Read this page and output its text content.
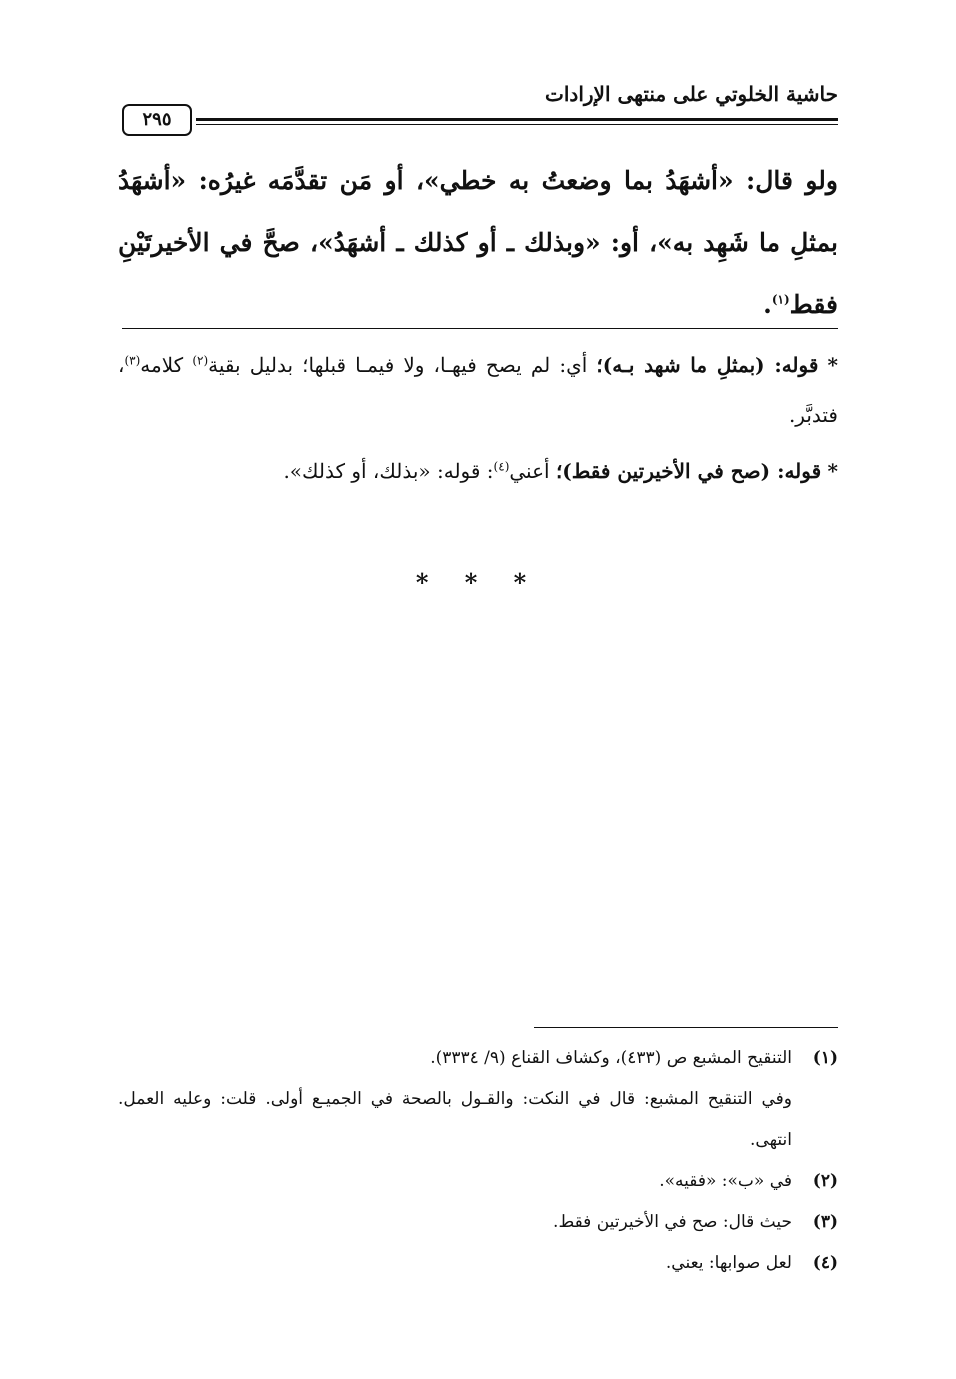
حاشية الخلوتي على منتهى الإرادات
٢٩٥
ولو قال: «أشهَدُ بما وضعتُ به خطي»، أو مَن تقدَّمَه غيرُه: «أشهَدُ بمثلِ ما شَهِد به»، أو: «وبذلك ـ أو كذلك ـ أشهَدُ»، صحَّ في الأخيرتَيْنِ فقط$^{(١)}$.

* قوله: (بمثلِ ما شهد بـه)؛ أي: لم يصح فيهـا، ولا فيمـا قبلها؛ بدليل بقية$^{(٢)}$ كلامه$^{(٣)}$، فتدبَّر.

* قوله: (صح في الأخيرتين فقط)؛ أعني$^{(٤)}$: قوله: «بذلك، أو كذلك».

* * *
(١)
التنقيح المشبع ص (٤٣٣)، وكشاف القناع (٩/ ٣٣٣٤).
وفي التنقيح المشبع: قال في النكت: والقـول بالصحة في الجميـع أولى. قلت: وعليه العمل. انتهى.
(٢)
في «ب»: «فقيه».
(٣)
حيث قال: صح في الأخيرتين فقط.
(٤)
لعل صوابها: يعني.
